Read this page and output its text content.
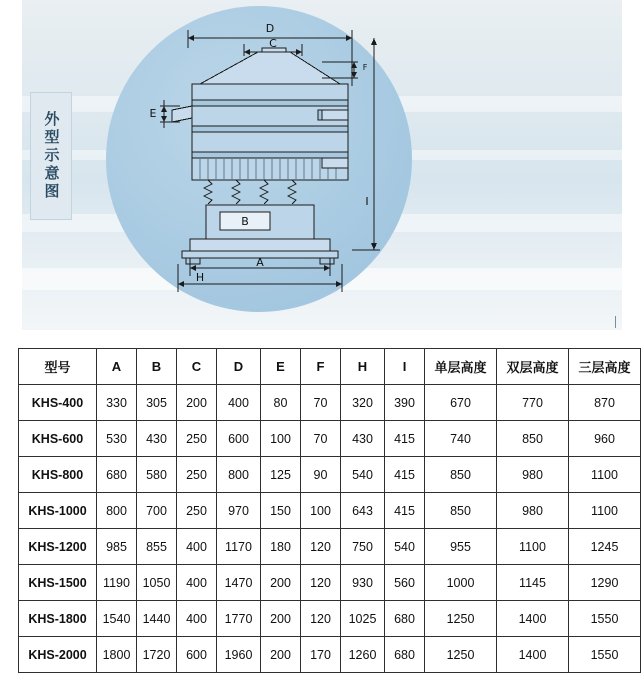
外型示意图
B
D
C
E
F
I
A
H
型号	A	B	C	D	E	F	H	I	单层高度	双层高度	三层高度
KHS-400	330	305	200	400	80	70	320	390	670	770	870
KHS-600	530	430	250	600	100	70	430	415	740	850	960
KHS-800	680	580	250	800	125	90	540	415	850	980	1100
KHS-1000	800	700	250	970	150	100	643	415	850	980	1100
KHS-1200	985	855	400	1170	180	120	750	540	955	1100	1245
KHS-1500	1190	1050	400	1470	200	120	930	560	1000	1145	1290
KHS-1800	1540	1440	400	1770	200	120	1025	680	1250	1400	1550
KHS-2000	1800	1720	600	1960	200	170	1260	680	1250	1400	1550
